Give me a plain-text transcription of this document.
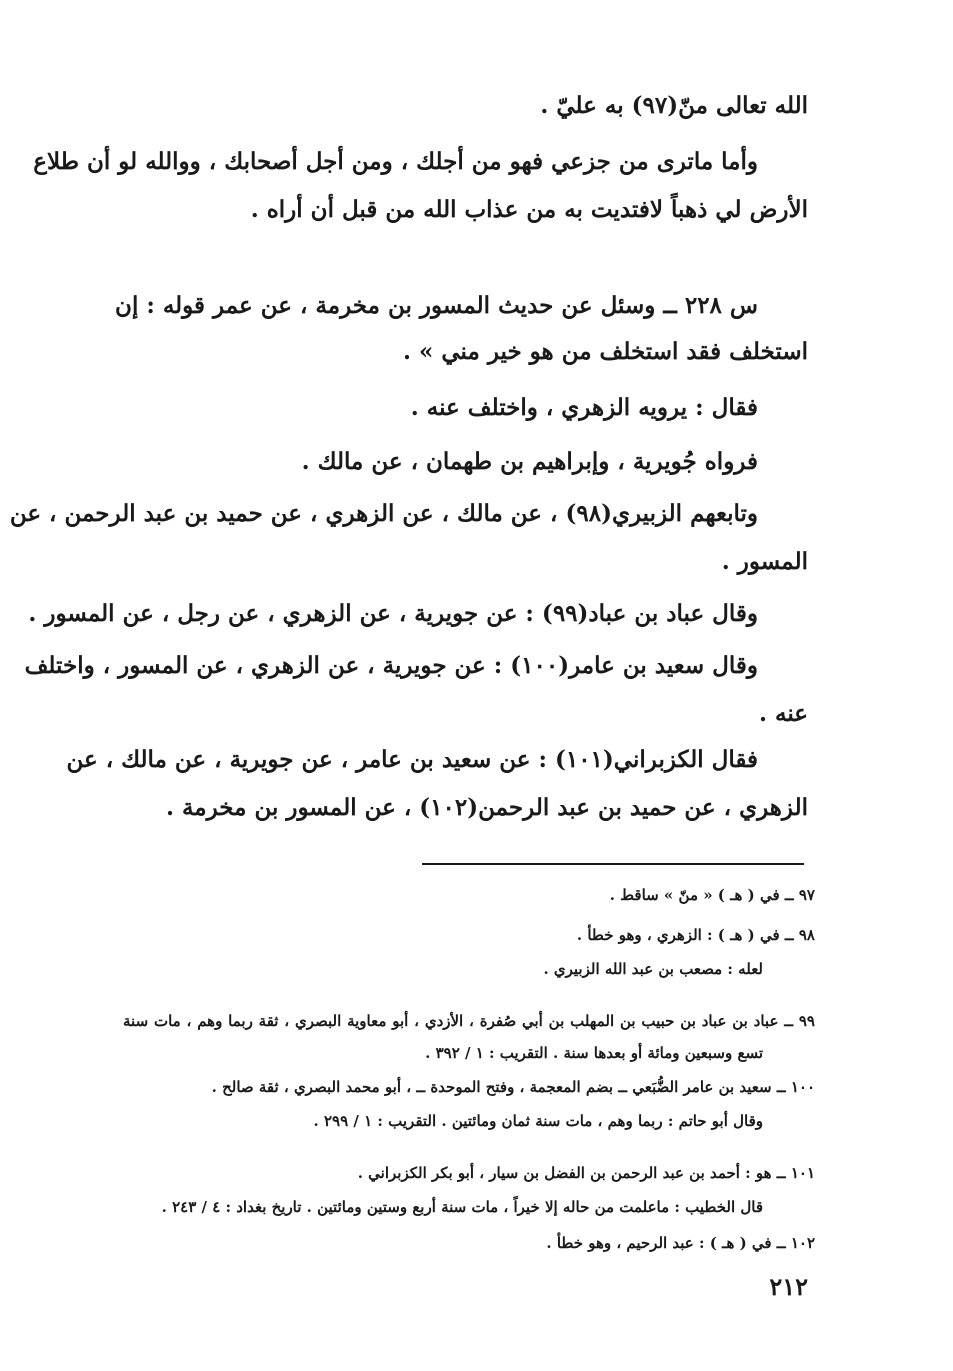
الله تعالى منّ(٩٧) به عليّ .
وأما ماترى من جزعي فهو من أجلك ، ومن أجل أصحابك ، ووالله لو أن طلاع
الأرض لي ذهباً لافتديت به من عذاب الله من قبل أن أراه .
س ٢٢٨ ــ وسئل عن حديث المسور بن مخرمة ، عن عمر قوله : إن
استخلف فقد استخلف من هو خير مني » .
فقال : يرويه الزهري ، واختلف عنه .
فرواه جُويرية ، وإبراهيم بن طهمان ، عن مالك .
وتابعهم الزبيري(٩٨) ، عن مالك ، عن الزهري ، عن حميد بن عبد الرحمن ، عن
المسور .
وقال عباد بن عباد(٩٩) : عن جويرية ، عن الزهري ، عن رجل ، عن المسور .
وقال سعيد بن عامر(١٠٠) : عن جويرية ، عن الزهري ، عن المسور ، واختلف
عنه .
فقال الكزبراني(١٠١) : عن سعيد بن عامر ، عن جويرية ، عن مالك ، عن
الزهري ، عن حميد بن عبد الرحمن(١٠٢) ، عن المسور بن مخرمة .
٩٧ ــ في ( هـ ) « منّ » ساقط .
٩٨ ــ في ( هـ ) : الزهري ، وهو خطأ .
لعله : مصعب بن عبد الله الزبيري .
٩٩ ــ عباد بن عباد بن حبيب بن المهلب بن أبي صُفرة ، الأزدي ، أبو معاوية البصري ، ثقة ربما وهم ، مات سنة
تسع وسبعين ومائة أو بعدها سنة . التقريب : ١ / ٣٩٢ .
١٠٠ ــ سعيد بن عامر الضُّبَعي ــ بضم المعجمة ، وفتح الموحدة ــ ، أبو محمد البصري ، ثقة صالح .
وقال أبو حاتم : ربما وهم ، مات سنة ثمان ومائتين . التقريب : ١ / ٢٩٩ .
١٠١ ــ هو : أحمد بن عبد الرحمن بن الفضل بن سيار ، أبو بكر الكزبراني .
قال الخطيب : ماعلمت من حاله إلا خيراً ، مات سنة أربع وستين ومائتين . تاريخ بغداد : ٤ / ٢٤٣ .
١٠٢ ــ في ( هـ ) : عبد الرحيم ، وهو خطأ .
٢١٢
